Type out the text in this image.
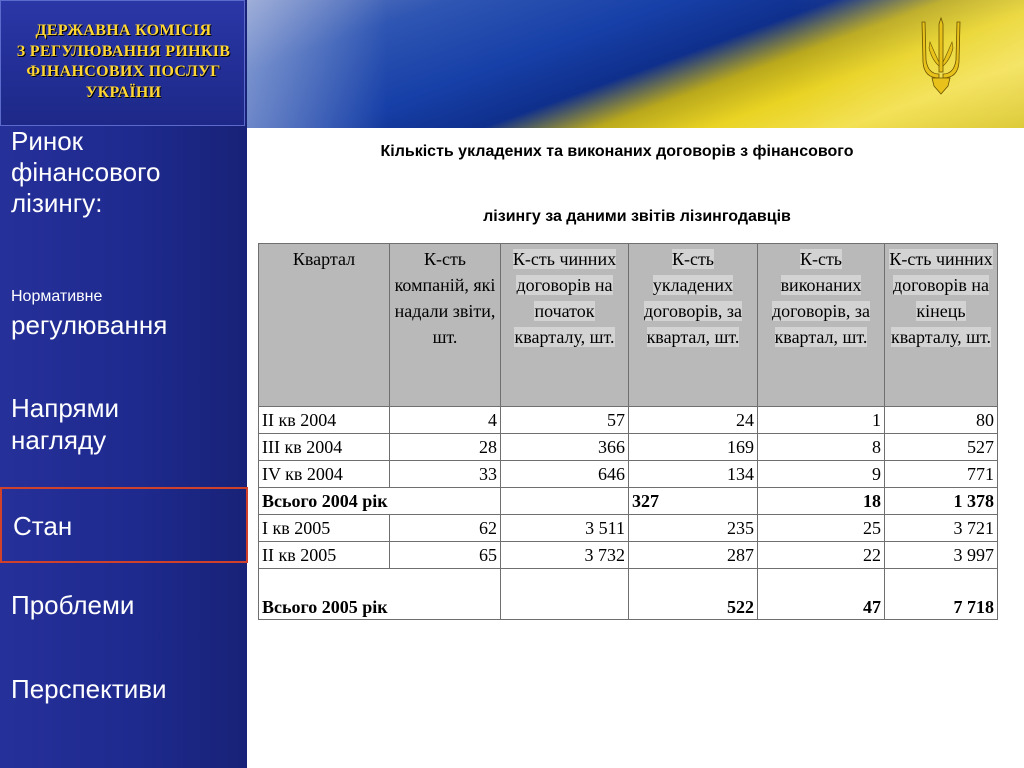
ДЕРЖАВНА КОМІСІЯ
З РЕГУЛЮВАННЯ РИНКІВ
ФІНАНСОВИХ ПОСЛУГ
УКРАЇНИ
Ринок
фінансового
лізингу:
Нормативне
регулювання
Напрями
нагляду
Стан
Проблеми
Перспективи
Кількість укладених та виконаних договорів з фінансового
лізингу за даними звітів лізингодавців
Квартал	К-сть компаній, які надали звіти, шт.	К-сть чинних договорів на початок кварталу, шт.	К-сть укладених договорів, за квартал, шт.	К-сть виконаних договорів, за квартал, шт.	К-сть чинних договорів на кінець кварталу, шт.
II кв 2004	4	57	24	1	80
III кв 2004	28	366	169	8	527
IV кв 2004	33	646	134	9	771
Всього 2004 рік			327	18	1 378
I кв 2005	62	3 511	235	25	3 721
II кв 2005	65	3 732	287	22	3 997
Всього 2005 рік			522	47	7 718
